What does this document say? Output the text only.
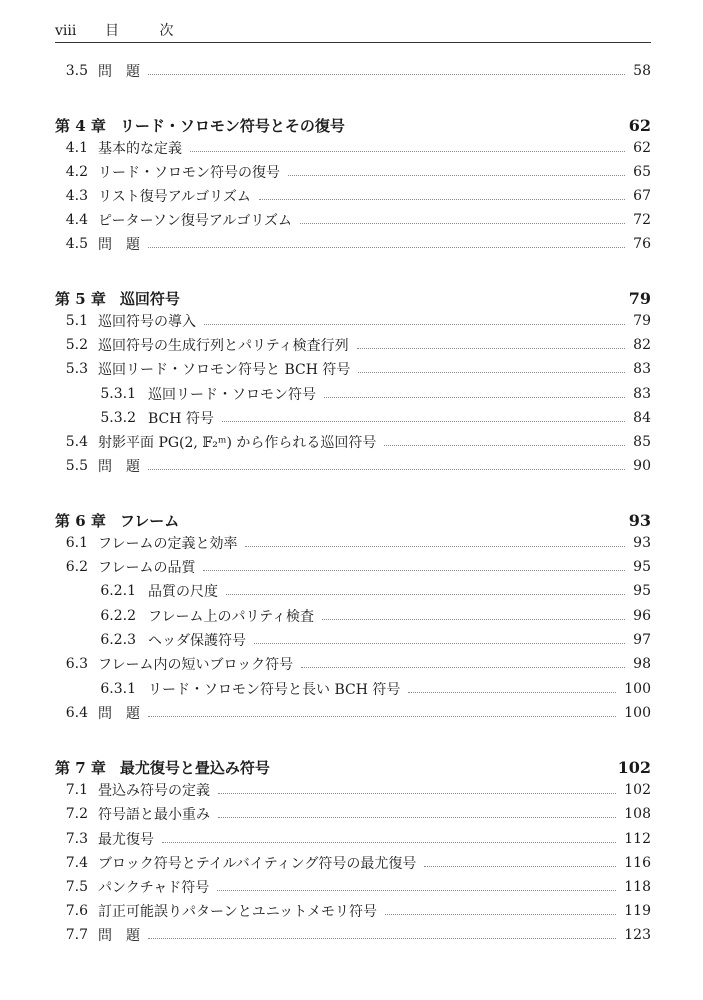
viii 目 次
3.5 問　題	58
第 4 章 リード・ソロモン符号とその復号	62
4.1 基本的な定義	62
4.2 リード・ソロモン符号の復号	65
4.3 リスト復号アルゴリズム	67
4.4 ピーターソン復号アルゴリズム	72
4.5 問　題	76
第 5 章 巡回符号	79
5.1 巡回符号の導入	79
5.2 巡回符号の生成行列とパリティ検査行列	82
5.3 巡回リード・ソロモン符号と BCH 符号	83
5.3.1 巡回リード・ソロモン符号	83
5.3.2 BCH 符号	84
5.4 射影平面 PG(2, 𝔽₂ᵐ) から作られる巡回符号	85
5.5 問　題	90
第 6 章 フレーム	93
6.1 フレームの定義と効率	93
6.2 フレームの品質	95
6.2.1 品質の尺度	95
6.2.2 フレーム上のパリティ検査	96
6.2.3 ヘッダ保護符号	97
6.3 フレーム内の短いブロック符号	98
6.3.1 リード・ソロモン符号と長い BCH 符号	100
6.4 問　題	100
第 7 章 最尤復号と畳込み符号	102
7.1 畳込み符号の定義	102
7.2 符号語と最小重み	108
7.3 最尤復号	112
7.4 ブロック符号とテイルバイティング符号の最尤復号	116
7.5 パンクチャド符号	118
7.6 訂正可能誤りパターンとユニットメモリ符号	119
7.7 問　題	123
